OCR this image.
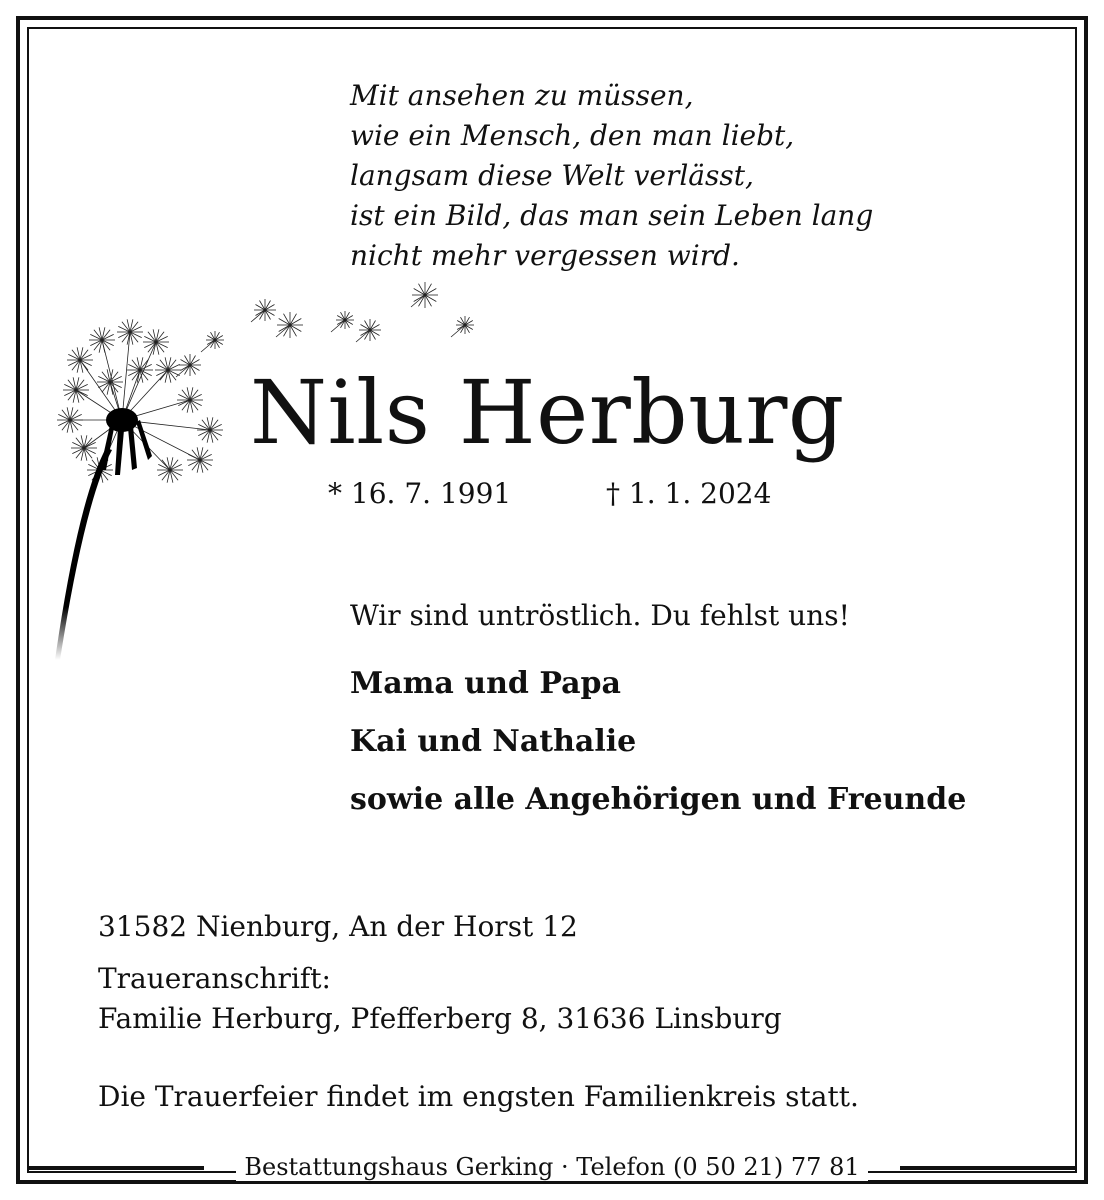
Mit ansehen zu müssen,
wie ein Mensch, den man liebt,
langsam diese Welt verlässt,
ist ein Bild, das man sein Leben lang
nicht mehr vergessen wird.
Nils Herburg
* 16. 7. 1991	† 1. 1. 2024
Wir sind untröstlich. Du fehlst uns!
Mama und Papa
Kai und Nathalie
sowie alle Angehörigen und Freunde
31582 Nienburg, An der Horst 12
Traueranschrift:
Familie Herburg, Pfefferberg 8, 31636 Linsburg
Die Trauerfeier findet im engsten Familienkreis statt.
Bestattungshaus Gerking · Telefon (0 50 21) 77 81
